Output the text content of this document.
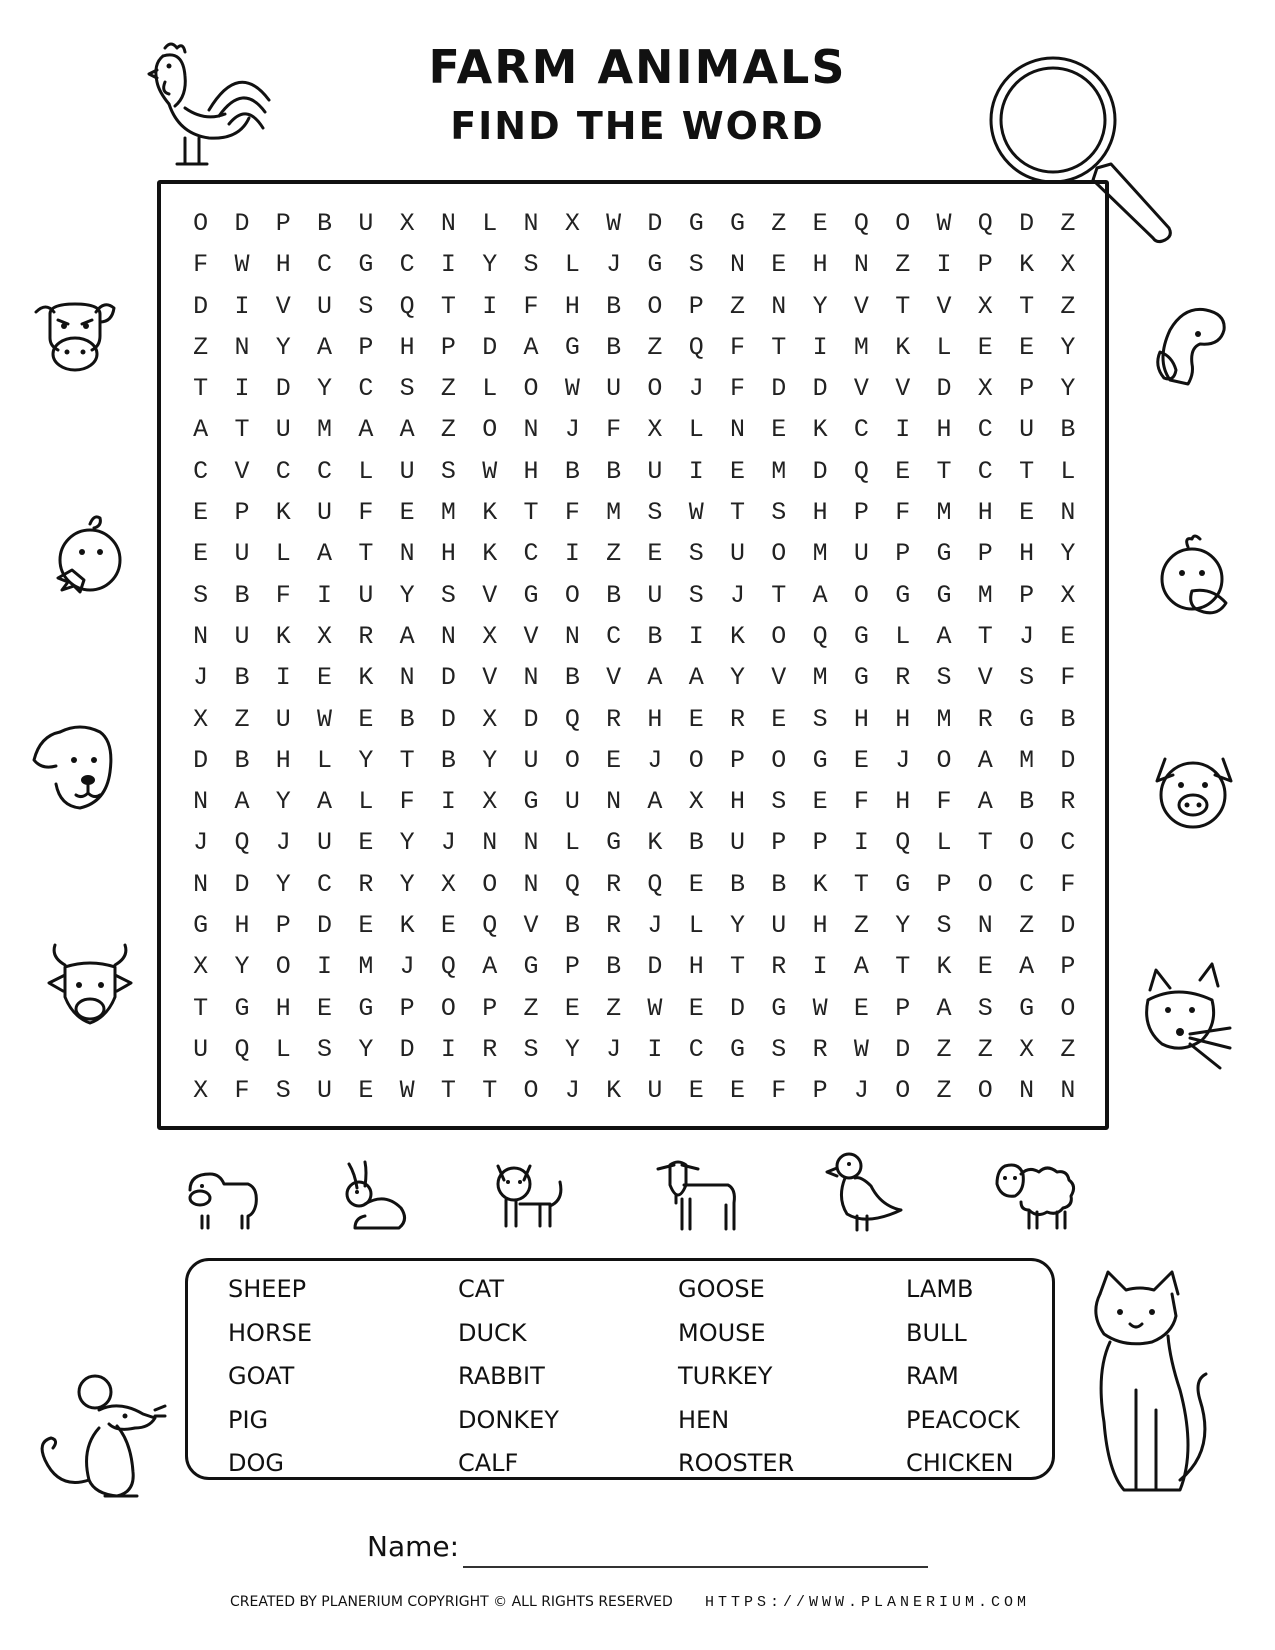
FARM ANIMALS
FIND THE WORD
O	D	P	B	U	X	N	L	N	X	W	D	G	G	Z	E	Q	O	W	Q	D	Z
F	W	H	C	G	C	I	Y	S	L	J	G	S	N	E	H	N	Z	I	P	K	X
D	I	V	U	S	Q	T	I	F	H	B	O	P	Z	N	Y	V	T	V	X	T	Z
Z	N	Y	A	P	H	P	D	A	G	B	Z	Q	F	T	I	M	K	L	E	E	Y
T	I	D	Y	C	S	Z	L	O	W	U	O	J	F	D	D	V	V	D	X	P	Y
A	T	U	M	A	A	Z	O	N	J	F	X	L	N	E	K	C	I	H	C	U	B
C	V	C	C	L	U	S	W	H	B	B	U	I	E	M	D	Q	E	T	C	T	L
E	P	K	U	F	E	M	K	T	F	M	S	W	T	S	H	P	F	M	H	E	N
E	U	L	A	T	N	H	K	C	I	Z	E	S	U	O	M	U	P	G	P	H	Y
S	B	F	I	U	Y	S	V	G	O	B	U	S	J	T	A	O	G	G	M	P	X
N	U	K	X	R	A	N	X	V	N	C	B	I	K	O	Q	G	L	A	T	J	E
J	B	I	E	K	N	D	V	N	B	V	A	A	Y	V	M	G	R	S	V	S	F
X	Z	U	W	E	B	D	X	D	Q	R	H	E	R	E	S	H	H	M	R	G	B
D	B	H	L	Y	T	B	Y	U	O	E	J	O	P	O	G	E	J	O	A	M	D
N	A	Y	A	L	F	I	X	G	U	N	A	X	H	S	E	F	H	F	A	B	R
J	Q	J	U	E	Y	J	N	N	L	G	K	B	U	P	P	I	Q	L	T	O	C
N	D	Y	C	R	Y	X	O	N	Q	R	Q	E	B	B	K	T	G	P	O	C	F
G	H	P	D	E	K	E	Q	V	B	R	J	L	Y	U	H	Z	Y	S	N	Z	D
X	Y	O	I	M	J	Q	A	G	P	B	D	H	T	R	I	A	T	K	E	A	P
T	G	H	E	G	P	O	P	Z	E	Z	W	E	D	G	W	E	P	A	S	G	O
U	Q	L	S	Y	D	I	R	S	Y	J	I	C	G	S	R	W	D	Z	Z	X	Z
X	F	S	U	E	W	T	T	O	J	K	U	E	E	F	P	J	O	Z	O	N	N
SHEEP	CAT	GOOSE	LAMB
HORSE	DUCK	MOUSE	BULL
GOAT	RABBIT	TURKEY	RAM
PIG	DONKEY	HEN	PEACOCK
DOG	CALF	ROOSTER	CHICKEN
Name:
CREATED BY PLANERIUM COPYRIGHT © ALL RIGHTS RESERVED HTTPS://WWW.PLANERIUM.COM
